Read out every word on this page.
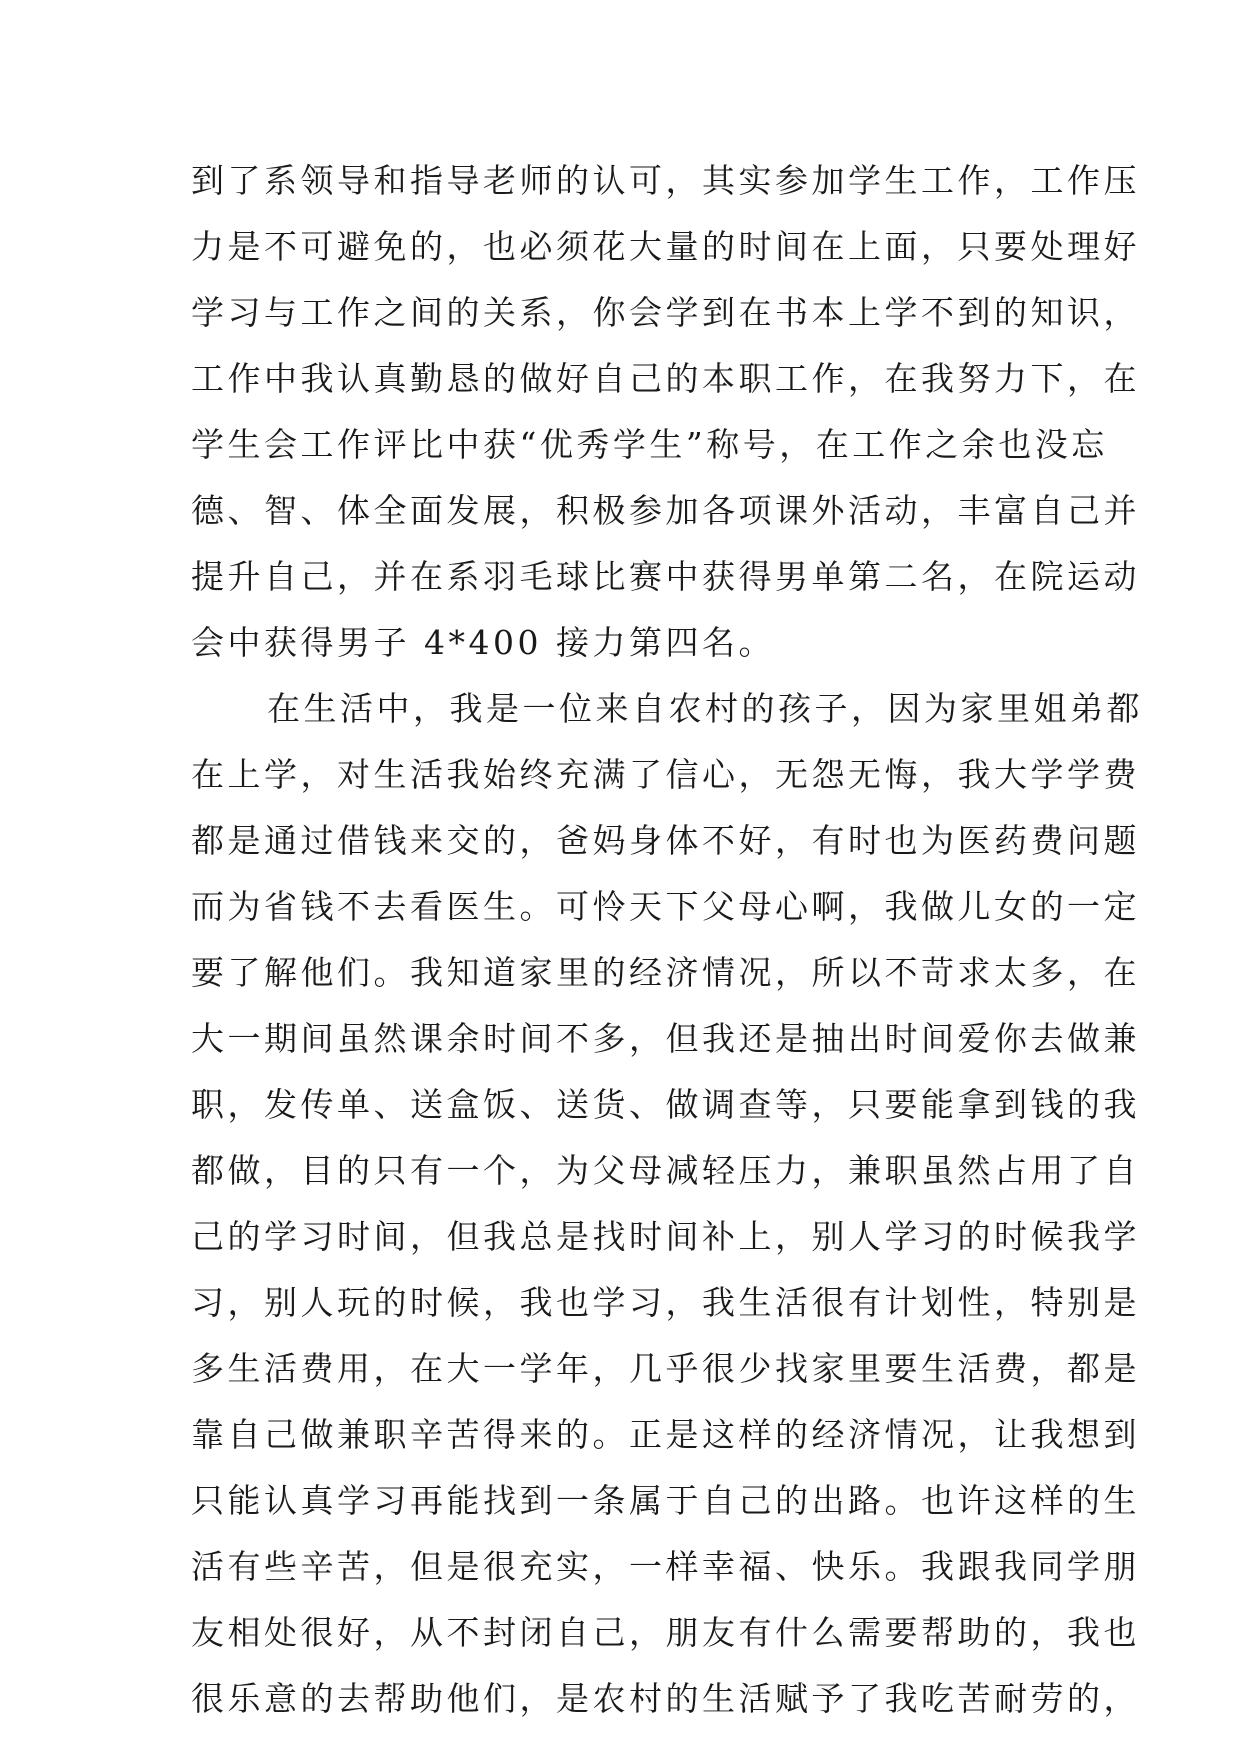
到了系领导和指导老师的认可，其实参加学生工作，工作压
力是不可避免的，也必须花大量的时间在上面，只要处理好
学习与工作之间的关系，你会学到在书本上学不到的知识，
工作中我认真勤恳的做好自己的本职工作，在我努力下，在
学生会工作评比中获“优秀学生”称号，在工作之余也没忘
德、智、体全面发展，积极参加各项课外活动，丰富自己并
提升自己，并在系羽毛球比赛中获得男单第二名，在院运动
会中获得男子 4*400 接力第四名。
在生活中，我是一位来自农村的孩子，因为家里姐弟都
在上学，对生活我始终充满了信心，无怨无悔，我大学学费
都是通过借钱来交的，爸妈身体不好，有时也为医药费问题
而为省钱不去看医生。可怜天下父母心啊，我做儿女的一定
要了解他们。我知道家里的经济情况，所以不苛求太多，在
大一期间虽然课余时间不多，但我还是抽出时间爱你去做兼
职，发传单、送盒饭、送货、做调查等，只要能拿到钱的我
都做，目的只有一个，为父母减轻压力，兼职虽然占用了自
己的学习时间，但我总是找时间补上，别人学习的时候我学
习，别人玩的时候，我也学习，我生活很有计划性，特别是
多生活费用，在大一学年，几乎很少找家里要生活费，都是
靠自己做兼职辛苦得来的。正是这样的经济情况，让我想到
只能认真学习再能找到一条属于自己的出路。也许这样的生
活有些辛苦，但是很充实，一样幸福、快乐。我跟我同学朋
友相处很好，从不封闭自己，朋友有什么需要帮助的，我也
很乐意的去帮助他们，是农村的生活赋予了我吃苦耐劳的，
